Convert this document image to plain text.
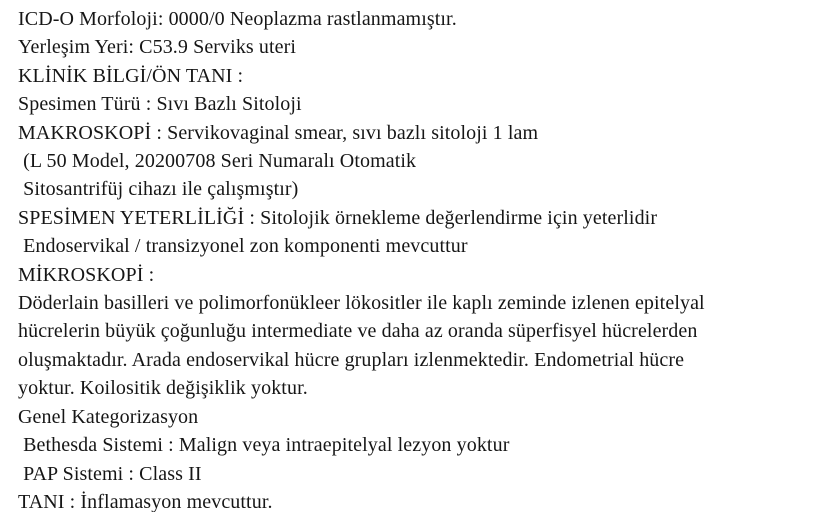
ICD-O Morfoloji: 0000/0 Neoplazma rastlanmamıştır.
Yerleşim Yeri: C53.9 Serviks uteri
KLİNİK BİLGİ/ÖN TANI :
Spesimen Türü : Sıvı Bazlı Sitoloji
MAKROSKOPİ : Servikovaginal smear, sıvı bazlı sitoloji 1 lam
(L 50 Model, 20200708 Seri Numaralı Otomatik
Sitosantrifüj cihazı ile çalışmıştır)
SPESİMEN YETERLİLİĞİ : Sitolojik örnekleme değerlendirme için yeterlidir
Endoservikal / transizyonel zon komponenti mevcuttur
MİKROSKOPİ :
Döderlain basilleri ve polimorfonükleer lökositler ile kaplı zeminde izlenen epitelyal
hücrelerin büyük çoğunluğu intermediate ve daha az oranda süperfisyel hücrelerden
oluşmaktadır. Arada endoservikal hücre grupları izlenmektedir. Endometrial hücre
yoktur. Koilositik değişiklik yoktur.
Genel Kategorizasyon
Bethesda Sistemi : Malign veya intraepitelyal lezyon yoktur
PAP Sistemi : Class II
TANI : İnflamasyon mevcuttur.
